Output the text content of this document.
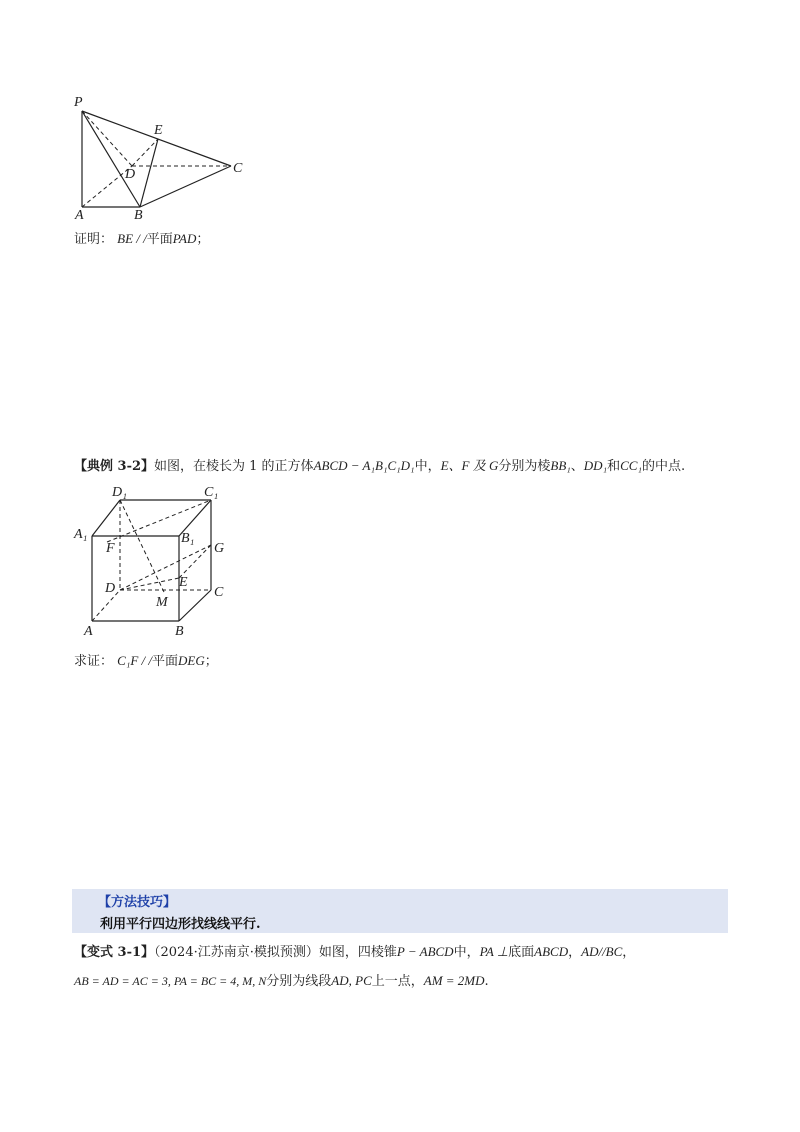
P
E
C
D
A	B
证明： BE / /平面PAD；
【典例 3-2】如图，在棱长为 1 的正方体ABCD − A₁B₁C₁D₁中，E、F 及 G分别为棱BB₁、DD₁和CC₁的中点.
D₁	C₁
A₁	B₁
F	G
D	E
C
M
A	B
求证： C₁F / /平面DEG；
【方法技巧】
利用平行四边形找线线平行.
【变式 3-1】（2024·江苏南京·模拟预测）如图，四棱锥P − ABCD中，PA ⊥底面ABCD，AD//BC，
AB = AD = AC = 3, PA = BC = 4, M, N分别为线段AD, PC上一点，AM = 2MD.
